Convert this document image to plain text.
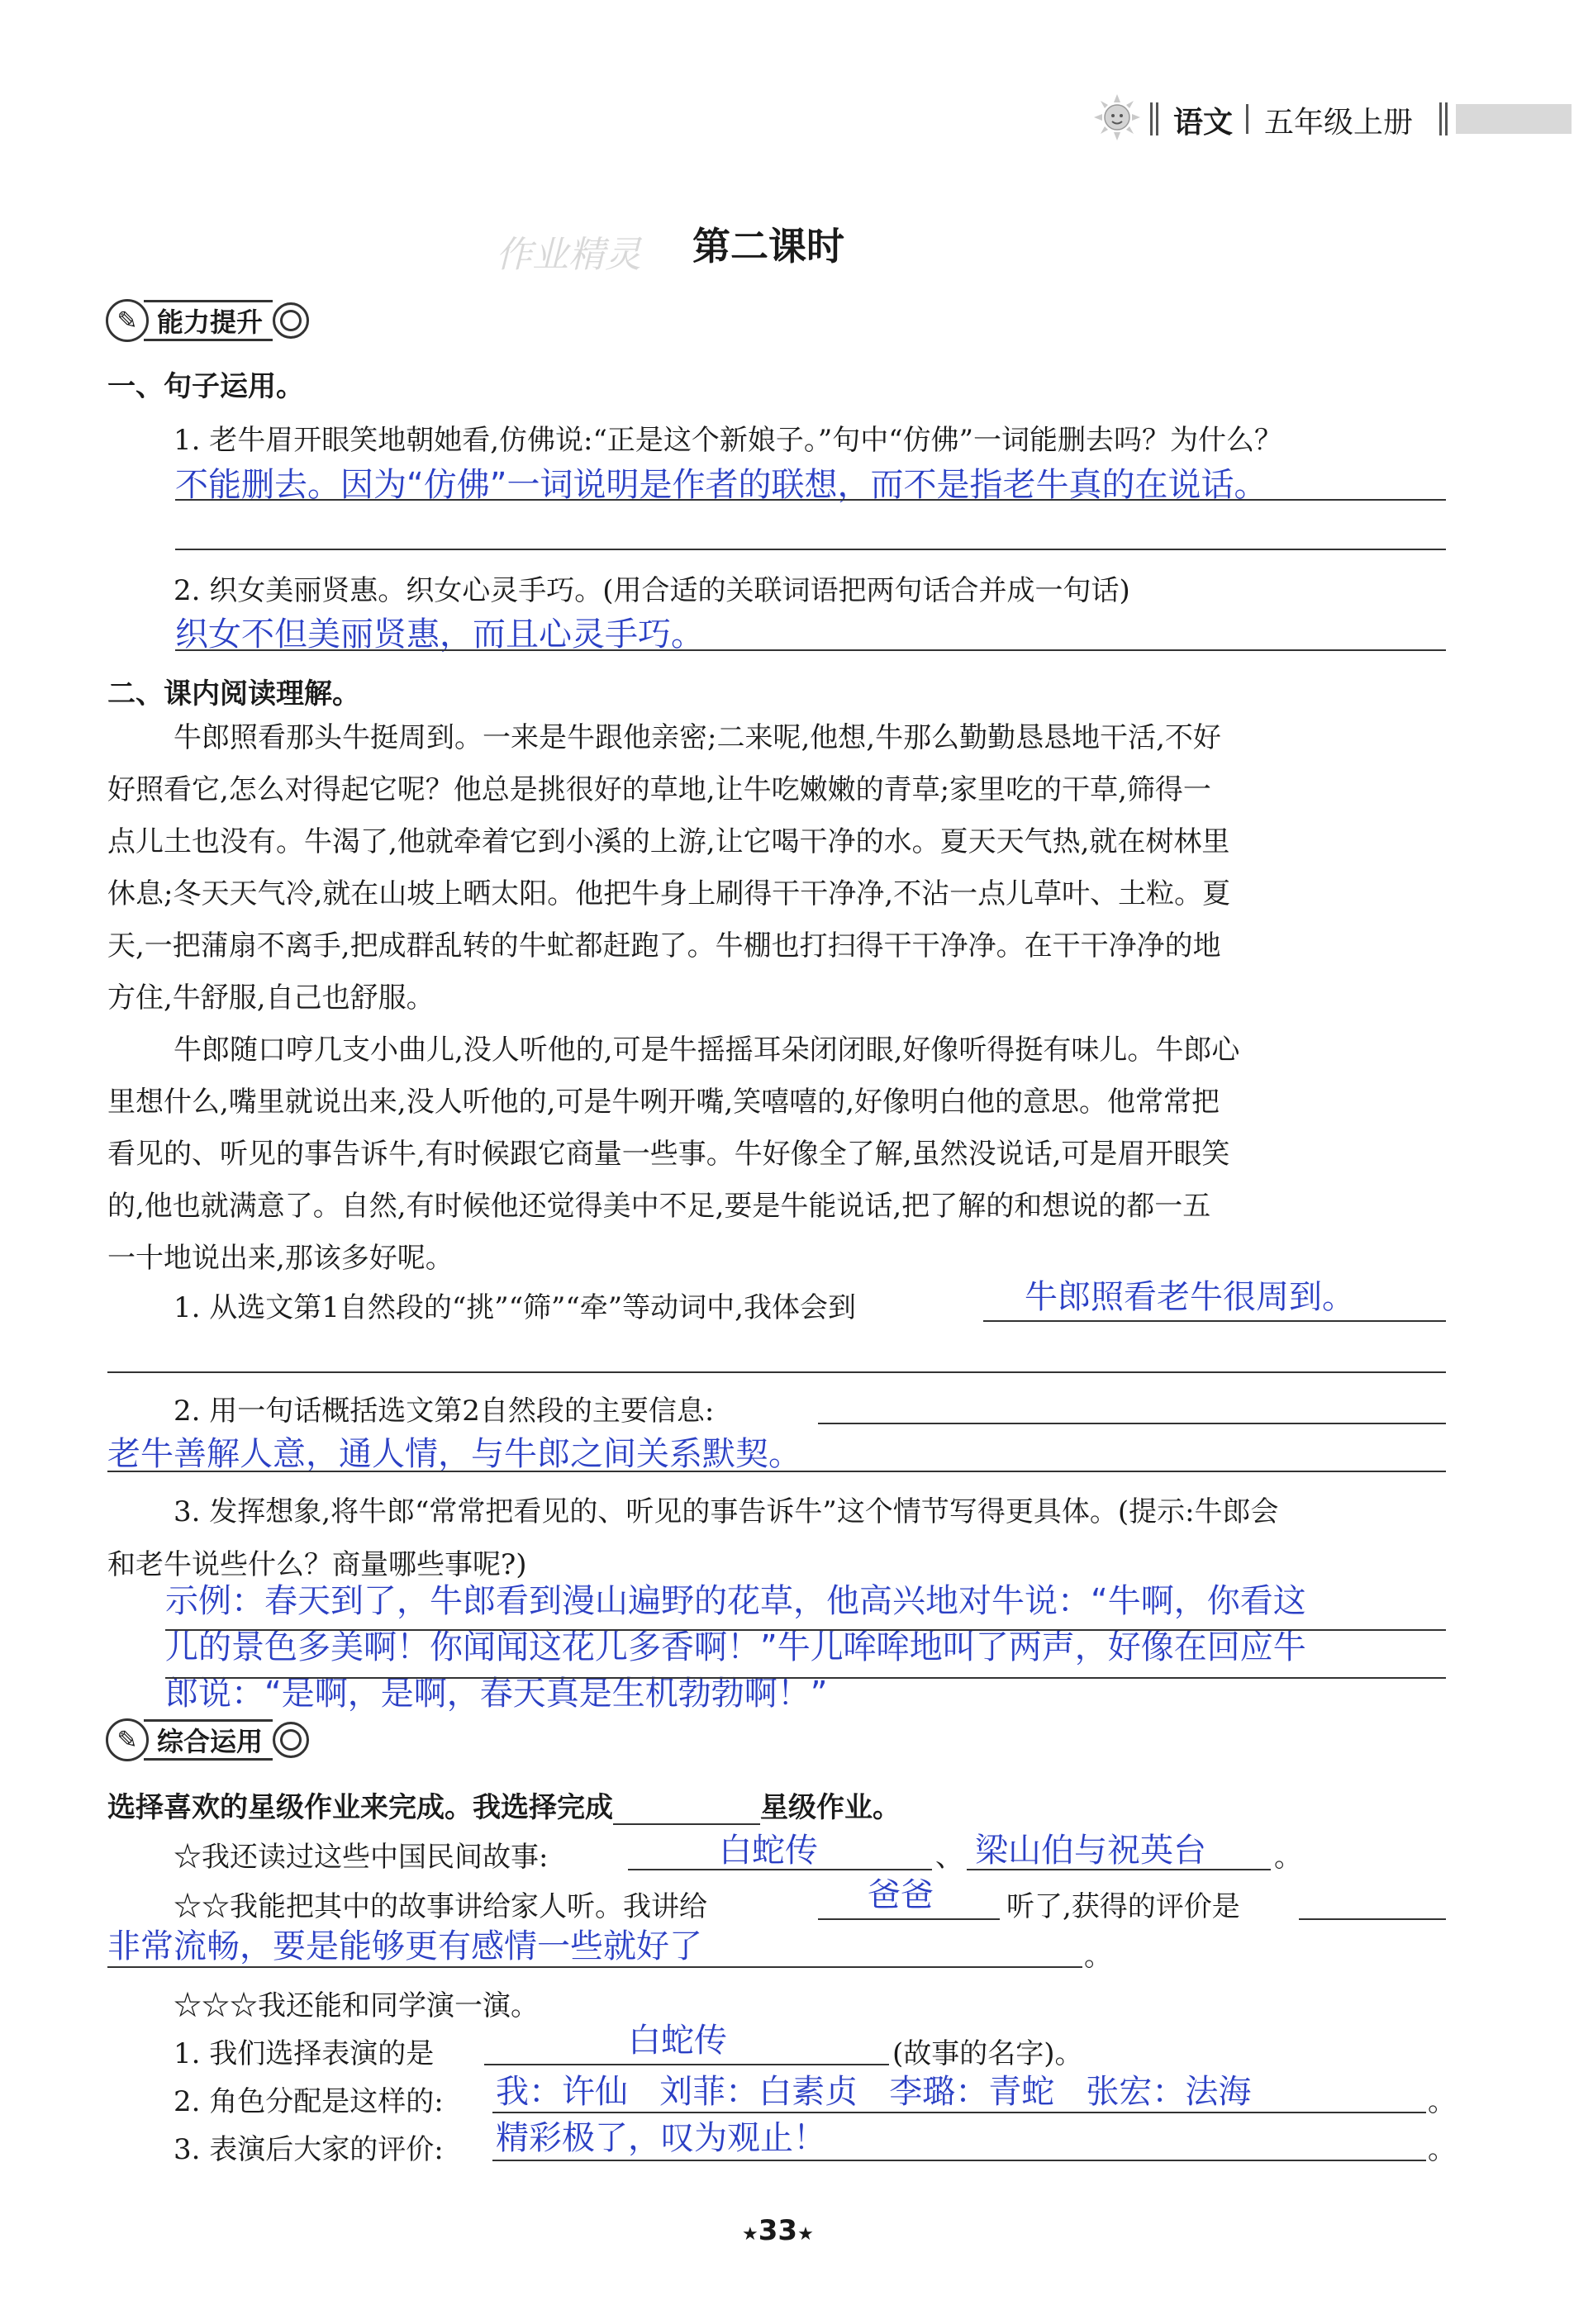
语文 五年级上册
作业精灵 第二课时
✎ 能力提升
一、句子运用。
1. 老牛眉开眼笑地朝她看,仿佛说:“正是这个新娘子。”句中“仿佛”一词能删去吗？为什么？
不能删去。因为“仿佛”一词说明是作者的联想，而不是指老牛真的在说话。
2. 织女美丽贤惠。织女心灵手巧。(用合适的关联词语把两句话合并成一句话)
织女不但美丽贤惠，而且心灵手巧。
二、课内阅读理解。
牛郎照看那头牛挺周到。一来是牛跟他亲密;二来呢,他想,牛那么勤勤恳恳地干活,不好
好照看它,怎么对得起它呢？他总是挑很好的草地,让牛吃嫩嫩的青草;家里吃的干草,筛得一
点儿土也没有。牛渴了,他就牵着它到小溪的上游,让它喝干净的水。夏天天气热,就在树林里
休息;冬天天气冷,就在山坡上晒太阳。他把牛身上刷得干干净净,不沾一点儿草叶、土粒。夏
天,一把蒲扇不离手,把成群乱转的牛虻都赶跑了。牛棚也打扫得干干净净。在干干净净的地
方住,牛舒服,自己也舒服。
牛郎随口哼几支小曲儿,没人听他的,可是牛摇摇耳朵闭闭眼,好像听得挺有味儿。牛郎心
里想什么,嘴里就说出来,没人听他的,可是牛咧开嘴,笑嘻嘻的,好像明白他的意思。他常常把
看见的、听见的事告诉牛,有时候跟它商量一些事。牛好像全了解,虽然没说话,可是眉开眼笑
的,他也就满意了。自然,有时候他还觉得美中不足,要是牛能说话,把了解的和想说的都一五
一十地说出来,那该多好呢。
1. 从选文第1自然段的“挑”“筛”“牵”等动词中,我体会到	牛郎照看老牛很周到。
2. 用一句话概括选文第2自然段的主要信息:
老牛善解人意，通人情，与牛郎之间关系默契。
3. 发挥想象,将牛郎“常常把看见的、听见的事告诉牛”这个情节写得更具体。(提示:牛郎会
和老牛说些什么？商量哪些事呢?)
示例：春天到了，牛郎看到漫山遍野的花草，他高兴地对牛说：“牛啊，你看这
儿的景色多美啊！你闻闻这花儿多香啊！”牛儿哞哞地叫了两声，好像在回应牛
郎说：“是啊，是啊，春天真是生机勃勃啊！”
✎ 综合运用
选择喜欢的星级作业来完成。我选择完成	星级作业。
☆我还读过这些中国民间故事:	白蛇传	、 梁山伯与祝英台 。
☆☆我能把其中的故事讲给家人听。我讲给	爸爸	听了,获得的评价是
非常流畅，要是能够更有感情一些就好了	。
☆☆☆我还能和同学演一演。
1. 我们选择表演的是	白蛇传	(故事的名字)。
2. 角色分配是这样的: 我：许仙   刘菲：白素贞   李璐：青蛇   张宏：法海	。
3. 表演后大家的评价: 精彩极了，叹为观止！	。
★33★
